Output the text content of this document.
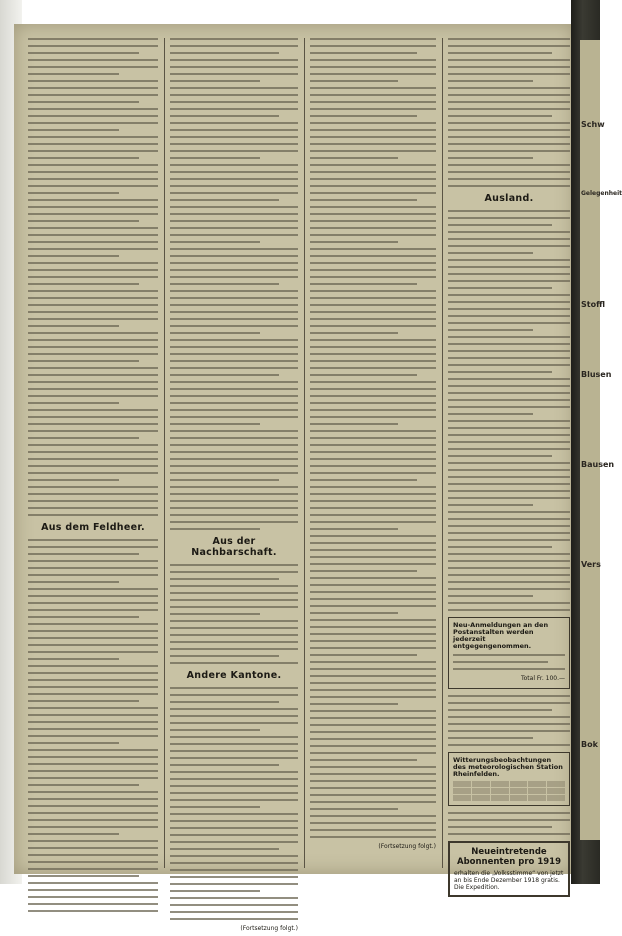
Aus dem Feldheer.
Aus der Nachbarschaft.
Andere Kantone.
(Fortsetzung folgt.)
(Fortsetzung folgt.)
Ausland.
Neu-Anmeldungen an den Postanstalten werden jederzeit entgegengenommen.
Total Fr. 100.—
Witterungsbeobachtungen des meteorologischen Station Rheinfelden.
Neueintretende Abonnenten pro 1919
erhalten die „Volksstimme“ von jetzt an bis Ende Dezember 1918 gratis. Die Expedition.
Schw
Gelegenheit
Stoffl
Blusen
Bausen
Vers
Bok
